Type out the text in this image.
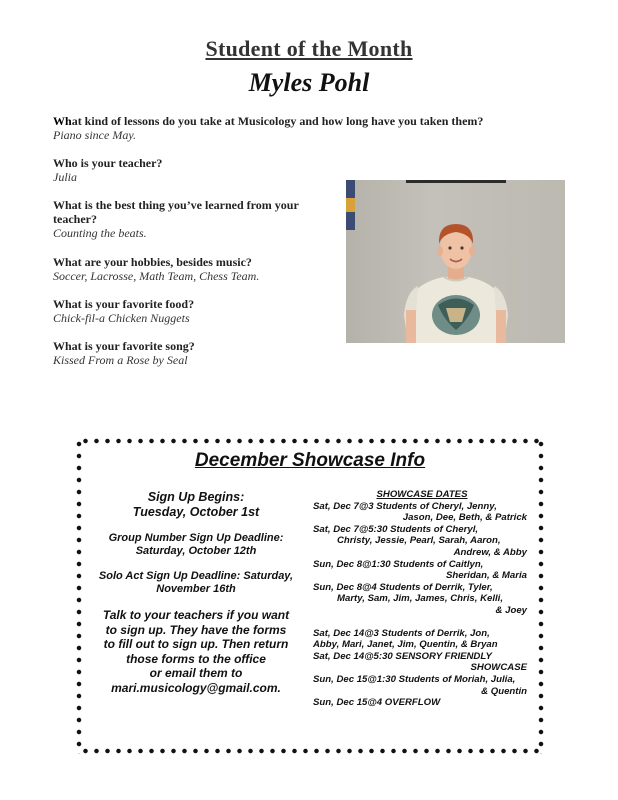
Student of the Month
Myles Pohl
What kind of lessons do you take at Musicology and how long have you taken them?
Piano since May.
Who is your teacher?
Julia
What is the best thing you’ve learned from your teacher?
Counting the beats.
What are your hobbies, besides music?
Soccer, Lacrosse, Math Team, Chess Team.
What is your favorite food?
Chick-fil-a Chicken Nuggets
What is your favorite song?
Kissed From a Rose by Seal
December Showcase Info
Sign Up Begins:
Tuesday, October 1st
Group Number Sign Up Deadline:
Saturday, October 12th
Solo Act Sign Up Deadline: Saturday,
November 16th
Talk to your teachers if you want
to sign up. They have the forms
to fill out to sign up. Then return
those forms to the office
or email them to
mari.musicology@gmail.com.
SHOWCASE DATES
Sat, Dec 7@3 Students of Cheryl, Jenny,
Jason, Dee, Beth, & Patrick
Sat, Dec 7@5:30 Students of Cheryl,
Christy, Jessie, Pearl, Sarah, Aaron,
Andrew, & Abby
Sun, Dec 8@1:30 Students of Caitlyn,
Sheridan, & Maria
Sun, Dec 8@4 Students of Derrik, Tyler,
Marty, Sam, Jim, James, Chris, Kelli,
& Joey
Sat, Dec 14@3 Students of Derrik, Jon,
Abby, Mari, Janet, Jim, Quentin, & Bryan
Sat, Dec 14@5:30 SENSORY FRIENDLY
SHOWCASE
Sun, Dec 15@1:30 Students of Moriah, Julia,
& Quentin
Sun, Dec 15@4 OVERFLOW
